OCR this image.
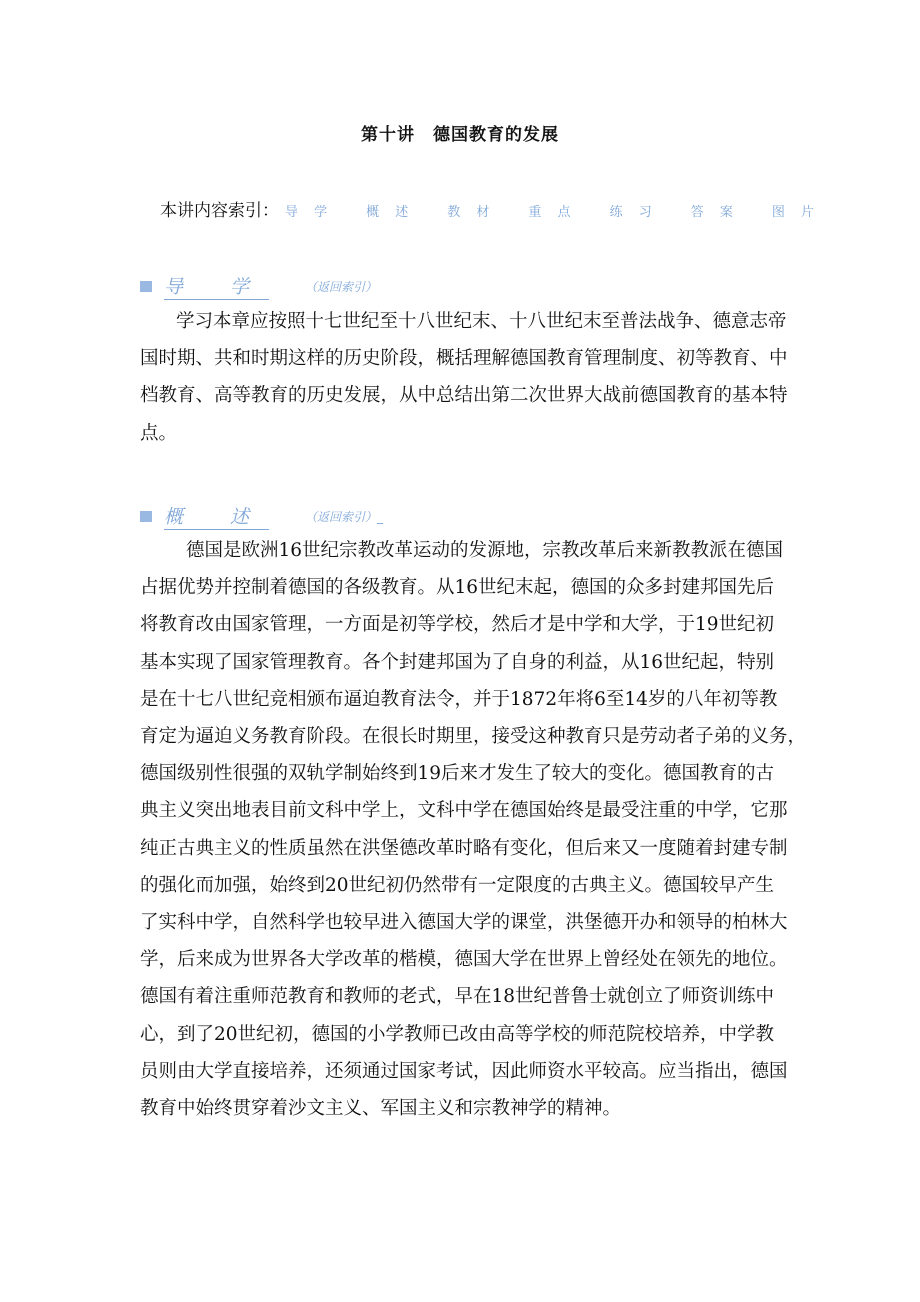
第十讲　德国教育的发展
本讲内容索引： 导 学	概 述	教 材	重 点	练 习	答 案	图 片
导　学	（返回索引）
学习本章应按照十七世纪至十八世纪末、十八世纪末至普法战争、德意志帝
国时期、共和时期这样的历史阶段，概括理解德国教育管理制度、初等教育、中
档教育、高等教育的历史发展，从中总结出第二次世界大战前德国教育的基本特
点。
概　述	（返回索引）_
德国是欧洲16世纪宗教改革运动的发源地，宗教改革后来新教教派在德国
占据优势并控制着德国的各级教育。从16世纪末起，德国的众多封建邦国先后
将教育改由国家管理，一方面是初等学校，然后才是中学和大学，于19世纪初
基本实现了国家管理教育。各个封建邦国为了自身的利益，从16世纪起，特别
是在十七八世纪竞相颁布逼迫教育法令，并于1872年将6至14岁的八年初等教
育定为逼迫义务教育阶段。在很长时期里，接受这种教育只是劳动者子弟的义务，
德国级别性很强的双轨学制始终到19后来才发生了较大的变化。德国教育的古
典主义突出地表目前文科中学上，文科中学在德国始终是最受注重的中学，它那
纯正古典主义的性质虽然在洪堡德改革时略有变化，但后来又一度随着封建专制
的强化而加强，始终到20世纪初仍然带有一定限度的古典主义。德国较早产生
了实科中学，自然科学也较早进入德国大学的课堂，洪堡德开办和领导的柏林大
学，后来成为世界各大学改革的楷模，德国大学在世界上曾经处在领先的地位。
德国有着注重师范教育和教师的老式，早在18世纪普鲁士就创立了师资训练中
心，到了20世纪初，德国的小学教师已改由高等学校的师范院校培养，中学教
员则由大学直接培养，还须通过国家考试，因此师资水平较高。应当指出，德国
教育中始终贯穿着沙文主义、军国主义和宗教神学的精神。
